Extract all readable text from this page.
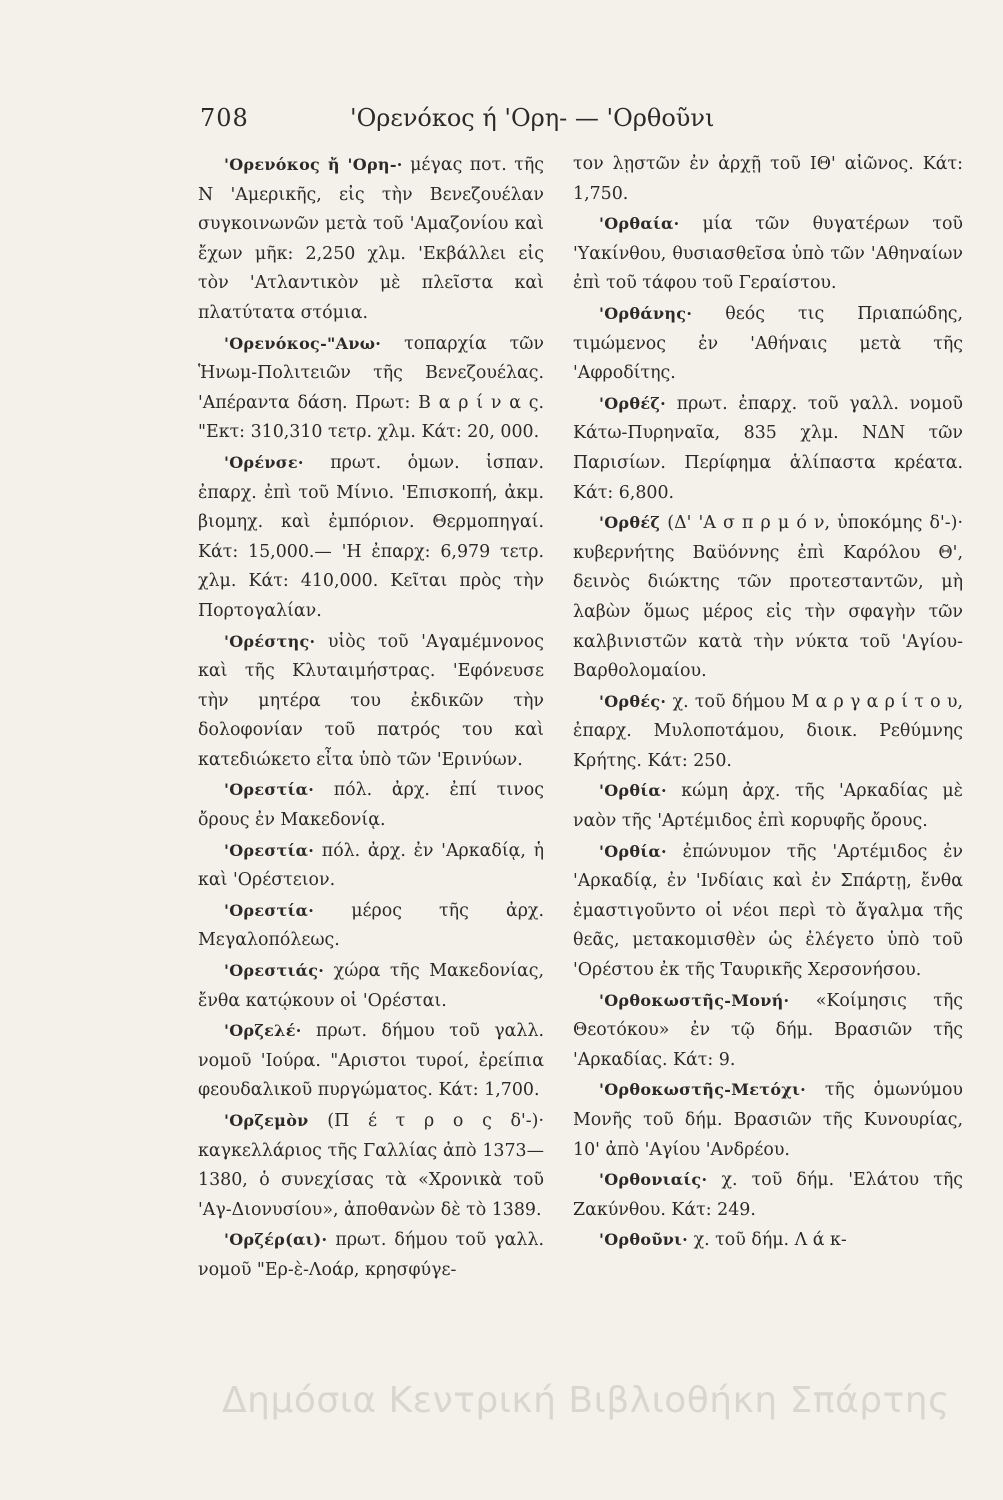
708	'Ορενόκος ή 'Ορη- — 'Ορθοῦνι

'Ορενόκος ἤ 'Ορη-· μέγας ποτ. τῆς Ν 'Αμερικῆς, εἰς τὴν Βενεζουέλαν συγκοινωνῶν μετὰ τοῦ 'Αμαζονίου καὶ ἔχων μῆκ: 2,250 χλμ. 'Εκβάλλει εἰς τὸν 'Ατλαντικὸν μὲ πλεῖστα καὶ πλατύτατα στόμια.

'Ορενόκος-"Ανω· τοπαρχία τῶν Ἡνωμ-Πολιτειῶν τῆς Βενεζουέλας. 'Απέραντα δάση. Πρωτ: Β α ρ ί ν α ς. "Εκτ: 310,310 τετρ. χλμ. Κάτ: 20, 000.

'Ορένσε· πρωτ. ὁμων. ἱσπαν. ἐπαρχ. ἐπὶ τοῦ Μίνιο. 'Επισκοπή, ἀκμ. βιομηχ. καὶ ἐμπόριον. Θερμοπηγαί. Κάτ: 15,000.— 'Η ἐπαρχ: 6,979 τετρ. χλμ. Κάτ: 410,000. Κεῖται πρὸς τὴν Πορτογαλίαν.

'Ορέστης· υἱὸς τοῦ 'Αγαμέμνονος καὶ τῆς Κλυταιμήστρας. 'Εφόνευσε τὴν μητέρα του ἐκδικῶν τὴν δολοφονίαν τοῦ πατρός του καὶ κατεδιώκετο εἶτα ὑπὸ τῶν 'Ερινύων.

'Ορεστία· πόλ. ἀρχ. ἐπί τινος ὄρους ἐν Μακεδονίᾳ.

'Ορεστία· πόλ. ἀρχ. ἐν 'Αρκαδίᾳ, ἡ καὶ 'Ορέστειον.

'Ορεστία· μέρος τῆς ἀρχ. Μεγαλοπόλεως.

'Ορεστιάς· χώρα τῆς Μακεδονίας, ἔνθα κατῴκουν οἱ 'Ορέσται.

'Ορζελέ· πρωτ. δήμου τοῦ γαλλ. νομοῦ 'Ιούρα. "Αριστοι τυροί, ἐρείπια φεουδαλικοῦ πυργώματος. Κάτ: 1,700.

'Ορζεμὸν (Π έ τ ρ ο ς δ'-)· καγκελλάριος τῆς Γαλλίας ἀπὸ 1373—1380, ὁ συνεχίσας τὰ «Χρονικὰ τοῦ 'Αγ-Διονυσίου», ἀποθανὼν δὲ τὸ 1389.

'Ορζέρ(αι)· πρωτ. δήμου τοῦ γαλλ. νομοῦ "Ερ-ὲ-Λοάρ, κρησφύγε-

τον λῃστῶν ἐν ἀρχῇ τοῦ ΙΘ' αἰῶνος. Κάτ: 1,750.

'Ορθαία· μία τῶν θυγατέρων τοῦ 'Υακίνθου, θυσιασθεῖσα ὑπὸ τῶν 'Αθηναίων ἐπὶ τοῦ τάφου τοῦ Γεραίστου.

'Ορθάνης· θεός τις Πριαπώδης, τιμώμενος ἐν 'Αθήναις μετὰ τῆς 'Αφροδίτης.

'Ορθέζ· πρωτ. ἐπαρχ. τοῦ γαλλ. νομοῦ Κάτω-Πυρηναῖα, 835 χλμ. ΝΔΝ τῶν Παρισίων. Περίφημα ἁλίπαστα κρέατα. Κάτ: 6,800.

'Ορθέζ (Δ' 'Α σ π ρ μ ό ν, ὑποκόμης δ'-)· κυβερνήτης Βαϋόννης ἐπὶ Καρόλου Θ', δεινὸς διώκτης τῶν προτεσταντῶν, μὴ λαβὼν ὅμως μέρος εἰς τὴν σφαγὴν τῶν καλβινιστῶν κατὰ τὴν νύκτα τοῦ 'Αγίου-Βαρθολομαίου.

'Ορθές· χ. τοῦ δήμου Μ α ρ γ α ρ ί τ ο υ, ἐπαρχ. Μυλοποτάμου, διοικ. Ρεθύμνης Κρήτης. Κάτ: 250.

'Ορθία· κώμη ἀρχ. τῆς 'Αρκαδίας μὲ ναὸν τῆς 'Αρτέμιδος ἐπὶ κορυφῆς ὄρους.

'Ορθία· ἐπώνυμον τῆς 'Αρτέμιδος ἐν 'Αρκαδίᾳ, ἐν 'Ινδίαις καὶ ἐν Σπάρτῃ, ἔνθα ἐμαστιγοῦντο οἱ νέοι περὶ τὸ ἄγαλμα τῆς θεᾶς, μετακομισθὲν ὡς ἐλέγετο ὑπὸ τοῦ 'Ορέστου ἐκ τῆς Ταυρικῆς Χερσονήσου.

'Ορθοκωστῆς-Μονή· «Κοίμησις τῆς Θεοτόκου» ἐν τῷ δήμ. Βρασιῶν τῆς 'Αρκαδίας. Κάτ: 9.

'Ορθοκωστῆς-Μετόχι· τῆς ὁμωνύμου Μονῆς τοῦ δήμ. Βρασιῶν τῆς Κυνουρίας, 10' ἀπὸ 'Αγίου 'Ανδρέου.

'Ορθονιαίς· χ. τοῦ δήμ. 'Ελάτου τῆς Ζακύνθου. Κάτ: 249.

'Ορθοῦνι· χ. τοῦ δήμ. Λ ά κ-

Δημόσια Κεντρική Βιβλιοθήκη Σπάρτης
